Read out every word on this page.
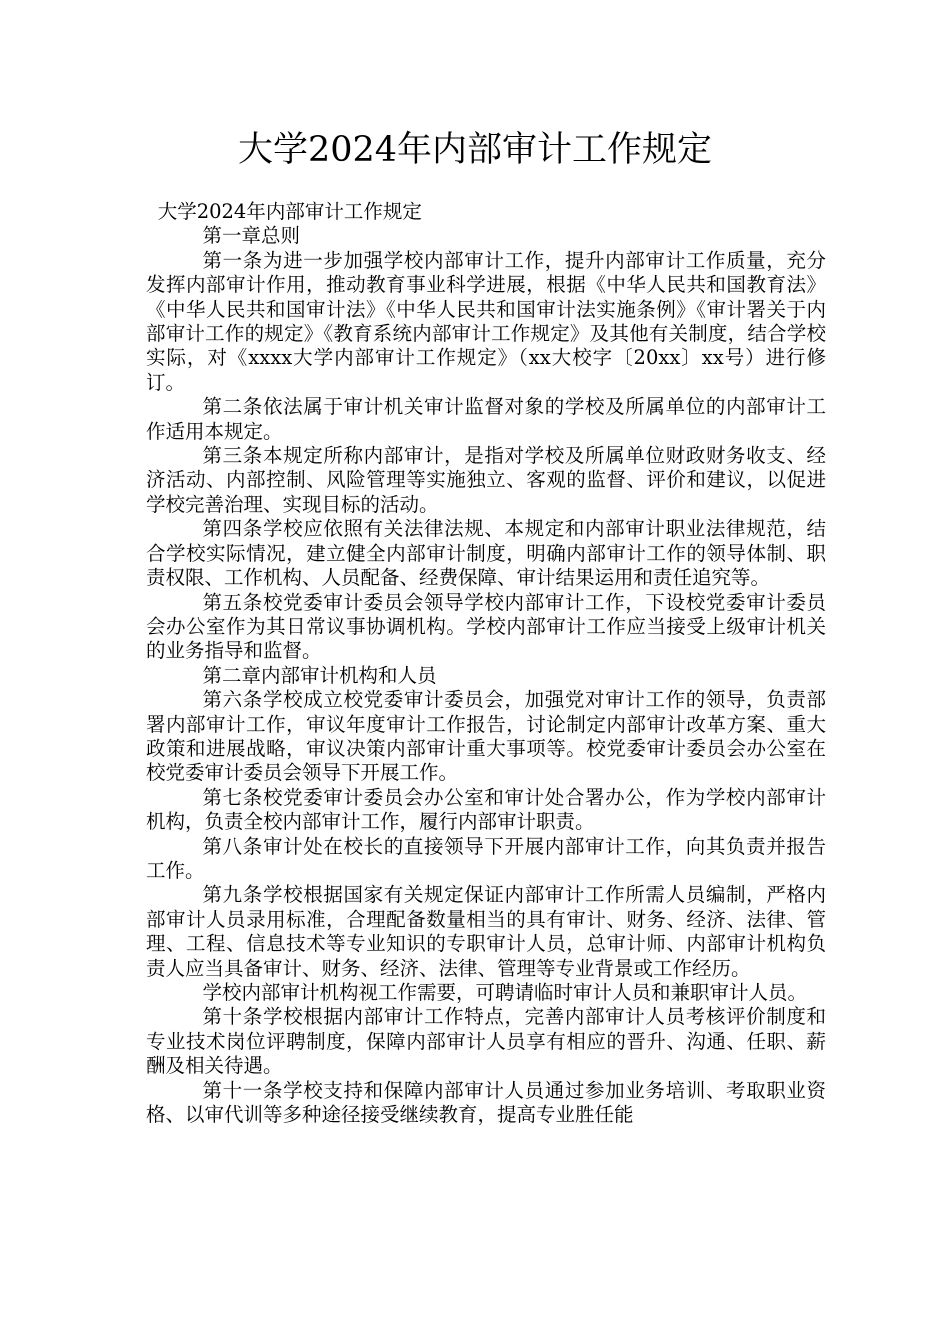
大学2024年内部审计工作规定

大学2024年内部审计工作规定

第一章总则

第一条为进一步加强学校内部审计工作，提升内部审计工作质量，充分发挥内部审计作用，推动教育事业科学进展，根据《中华人民共和国教育法》《中华人民共和国审计法》《中华人民共和国审计法实施条例》《审计署关于内部审计工作的规定》《教育系统内部审计工作规定》及其他有关制度，结合学校实际，对《xxxx大学内部审计工作规定》（xx大校字〔20xx〕xx号）进行修订。

第二条依法属于审计机关审计监督对象的学校及所属单位的内部审计工作适用本规定。

第三条本规定所称内部审计，是指对学校及所属单位财政财务收支、经济活动、内部控制、风险管理等实施独立、客观的监督、评价和建议，以促进学校完善治理、实现目标的活动。

第四条学校应依照有关法律法规、本规定和内部审计职业法律规范，结合学校实际情况，建立健全内部审计制度，明确内部审计工作的领导体制、职责权限、工作机构、人员配备、经费保障、审计结果运用和责任追究等。

第五条校党委审计委员会领导学校内部审计工作，下设校党委审计委员会办公室作为其日常议事协调机构。学校内部审计工作应当接受上级审计机关的业务指导和监督。

第二章内部审计机构和人员

第六条学校成立校党委审计委员会，加强党对审计工作的领导，负责部署内部审计工作，审议年度审计工作报告，讨论制定内部审计改革方案、重大政策和进展战略，审议决策内部审计重大事项等。校党委审计委员会办公室在校党委审计委员会领导下开展工作。

第七条校党委审计委员会办公室和审计处合署办公，作为学校内部审计机构，负责全校内部审计工作，履行内部审计职责。

第八条审计处在校长的直接领导下开展内部审计工作，向其负责并报告工作。

第九条学校根据国家有关规定保证内部审计工作所需人员编制，严格内部审计人员录用标准，合理配备数量相当的具有审计、财务、经济、法律、管理、工程、信息技术等专业知识的专职审计人员，总审计师、内部审计机构负责人应当具备审计、财务、经济、法律、管理等专业背景或工作经历。

学校内部审计机构视工作需要，可聘请临时审计人员和兼职审计人员。

第十条学校根据内部审计工作特点，完善内部审计人员考核评价制度和专业技术岗位评聘制度，保障内部审计人员享有相应的晋升、沟通、任职、薪酬及相关待遇。

第十一条学校支持和保障内部审计人员通过参加业务培训、考取职业资格、以审代训等多种途径接受继续教育，提高专业胜任能
